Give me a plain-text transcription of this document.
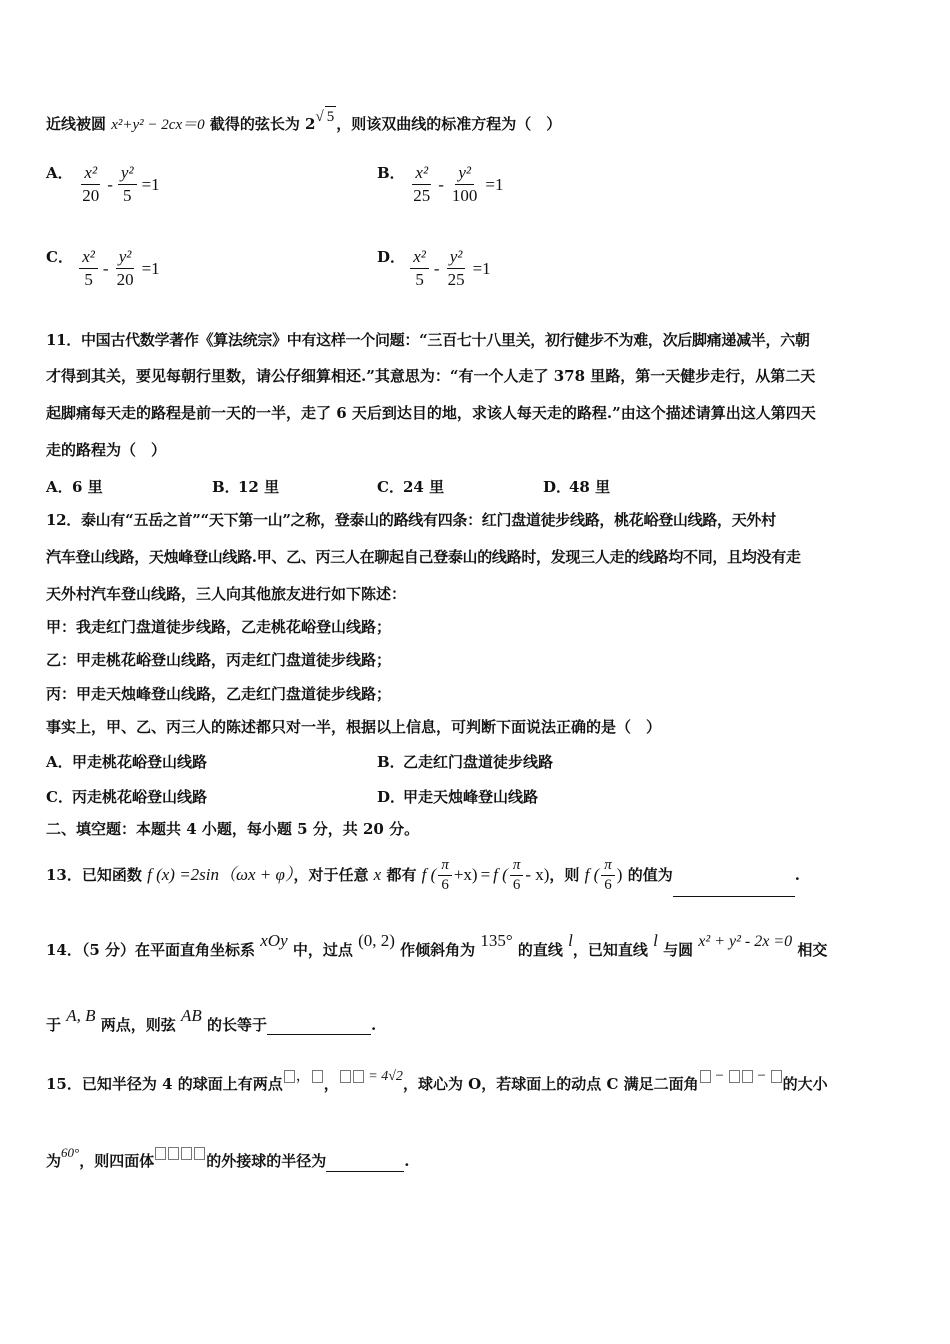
近线被圆 x²+y² − 2cx＝0 截得的弦长为 2√ 5 ，则该双曲线的标准方程为（　）
A． $\frac{\text{x²}}{20} - \frac{\text{y²}}{5} =1$
B． $\frac{\text{x²}}{25} - \frac{\text{y²}}{100} =1$
C． $\frac{\text{x²}}{5} - \frac{\text{y²}}{20} =1$
D． $\frac{\text{x²}}{5} - \frac{\text{y²}}{25} =1$
11．中国古代数学著作《算法统宗》中有这样一个问题：“三百七十八里关，初行健步不为难，次后脚痛递减半，六朝
才得到其关，要见每朝行里数，请公仔细算相还.”其意思为：“有一个人走了 378 里路，第一天健步走行，从第二天
起脚痛每天走的路程是前一天的一半，走了 6 天后到达目的地，求该人每天走的路程.”由这个描述请算出这人第四天
走的路程为（　）
A．6 里	B．12 里	C．24 里	D．48 里
12．泰山有“五岳之首”“天下第一山”之称，登泰山的路线有四条：红门盘道徒步线路，桃花峪登山线路，天外村
汽车登山线路，天烛峰登山线路.甲、乙、丙三人在聊起自己登泰山的线路时，发现三人走的线路均不同，且均没有走
天外村汽车登山线路，三人向其他旅友进行如下陈述：
甲：我走红门盘道徒步线路，乙走桃花峪登山线路；
乙：甲走桃花峪登山线路，丙走红门盘道徒步线路；
丙：甲走天烛峰登山线路，乙走红门盘道徒步线路；
事实上，甲、乙、丙三人的陈述都只对一半，根据以上信息，可判断下面说法正确的是（　）
A．甲走桃花峪登山线路	B．乙走红门盘道徒步线路
C．丙走桃花峪登山线路	D．甲走天烛峰登山线路
二、填空题：本题共 4 小题，每小题 5 分，共 20 分。
13．已知函数 f (x) =2sin（ωx + φ），对于任意 x 都有 f ( $\frac{\pi}{6} +x) = f$ ( $\frac{\pi}{6} - x$) ，则 f ( $\frac{\pi}{6}$ ) 的值为	.
14．（5 分）在平面直角坐标系 xOy 中，过点 (0, 2) 作倾斜角为 135° 的直线 l，已知直线 l 与圆 x² + y² - 2x =0 相交
于 A, B 两点，则弦 AB 的长等于	.
15．已知半径为 4 的球面上有两点 ， ， = 4√2，球心为 O，若球面上的动点 C 满足二面角 −  − 的大小
为60°，则四面体	的外接球的半径为	.
